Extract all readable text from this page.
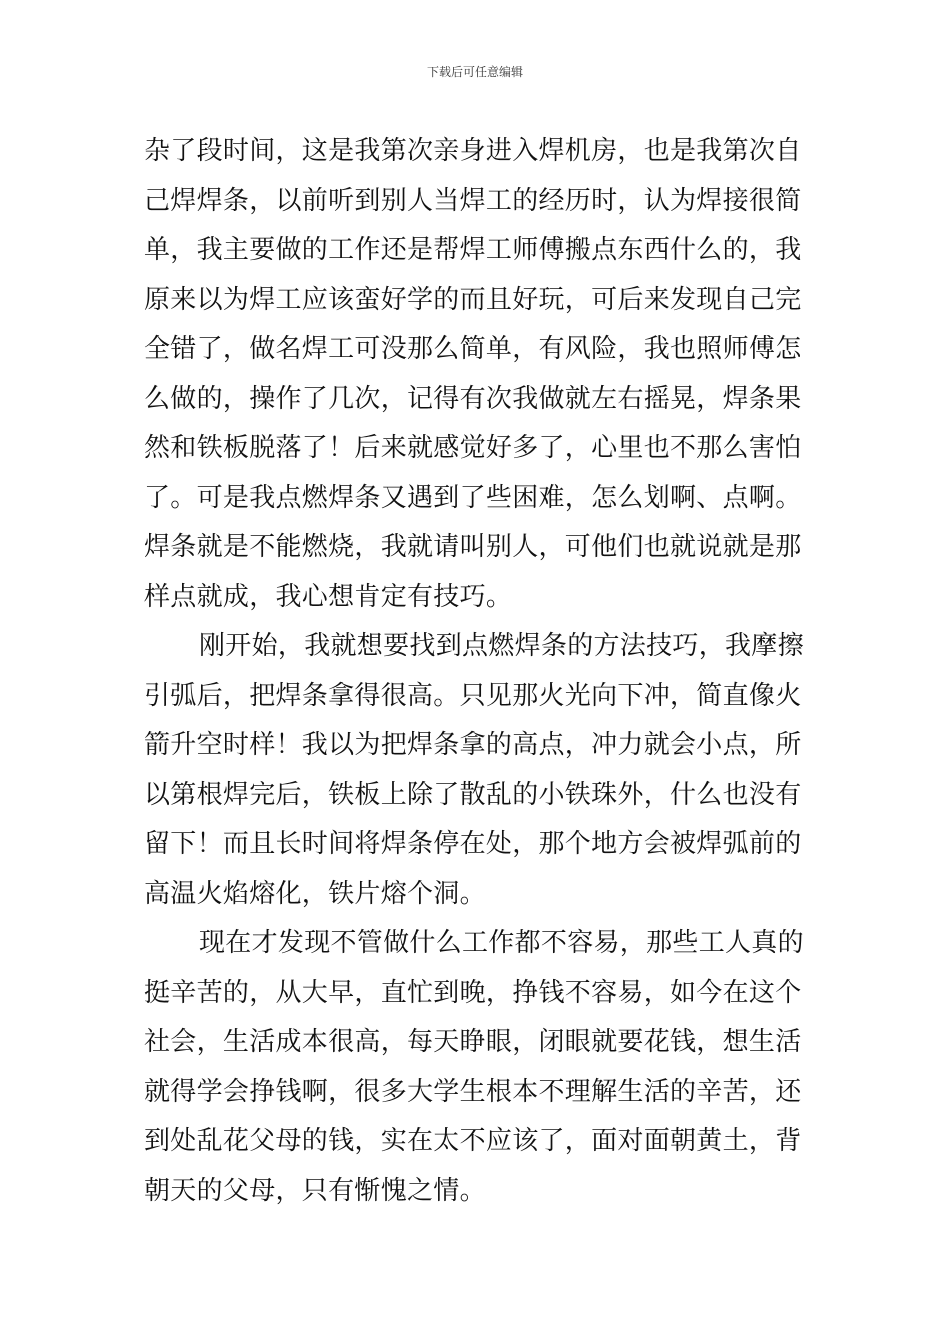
下载后可任意编辑
杂了段时间，这是我第次亲身进入焊机房，也是我第次自
己焊焊条，以前听到别人当焊工的经历时，认为焊接很简
单，我主要做的工作还是帮焊工师傅搬点东西什么的，我
原来以为焊工应该蛮好学的而且好玩，可后来发现自己完
全错了，做名焊工可没那么简单，有风险，我也照师傅怎
么做的，操作了几次，记得有次我做就左右摇晃，焊条果
然和铁板脱落了！后来就感觉好多了，心里也不那么害怕
了。可是我点燃焊条又遇到了些困难，怎么划啊、点啊。
焊条就是不能燃烧，我就请叫别人，可他们也就说就是那
样点就成，我心想肯定有技巧。
刚开始，我就想要找到点燃焊条的方法技巧，我摩擦
引弧后，把焊条拿得很高。只见那火光向下冲，简直像火
箭升空时样！我以为把焊条拿的高点，冲力就会小点，所
以第根焊完后，铁板上除了散乱的小铁珠外，什么也没有
留下！而且长时间将焊条停在处，那个地方会被焊弧前的
高温火焰熔化，铁片熔个洞。
现在才发现不管做什么工作都不容易，那些工人真的
挺辛苦的，从大早，直忙到晚，挣钱不容易，如今在这个
社会，生活成本很高，每天睁眼，闭眼就要花钱，想生活
就得学会挣钱啊，很多大学生根本不理解生活的辛苦，还
到处乱花父母的钱，实在太不应该了，面对面朝黄土，背
朝天的父母，只有惭愧之情。
